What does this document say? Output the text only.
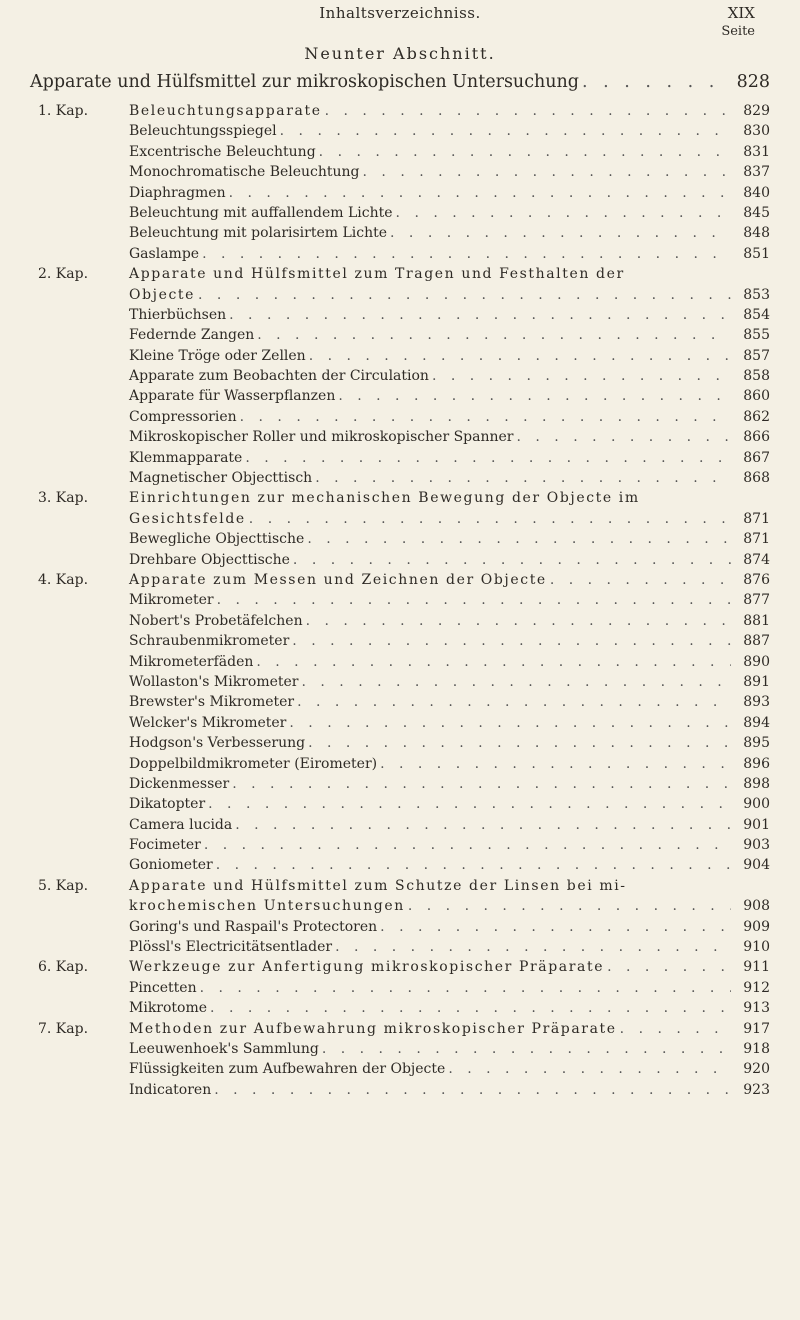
Inhaltsverzeichniss.	XIX
Seite
Neunter Abschnitt.
Apparate und Hülfsmittel zur mikroskopischen Untersuchung . . .	828
1. Kap.	Beleuchtungsapparate . . .	829
Beleuchtungsspiegel . . .	830
Excentrische Beleuchtung . . .	831
Monochromatische Beleuchtung . . .	837
Diaphragmen . . .	840
Beleuchtung mit auffallendem Lichte . . .	845
Beleuchtung mit polarisirtem Lichte . . .	848
Gaslampe . . .	851
2. Kap.	Apparate und Hülfsmittel zum Tragen und Festhalten der
Objecte . . .	853
Thierbüchsen . . .	854
Federnde Zangen . . .	855
Kleine Tröge oder Zellen . . .	857
Apparate zum Beobachten der Circulation . . .	858
Apparate für Wasserpflanzen . . .	860
Compressorien . . .	862
Mikroskopischer Roller und mikroskopischer Spanner . . .	866
Klemmapparate . . .	867
Magnetischer Objecttisch . . .	868
3. Kap.	Einrichtungen zur mechanischen Bewegung der Objecte im
Gesichtsfelde . . .	871
Bewegliche Objecttische . . .	871
Drehbare Objecttische . . .	874
4. Kap.	Apparate zum Messen und Zeichnen der Objecte . . .	876
Mikrometer . . .	877
Nobert's Probetäfelchen . . .	881
Schraubenmikrometer . . .	887
Mikrometerfäden . . .	890
Wollaston's Mikrometer . . .	891
Brewster's Mikrometer . . .	893
Welcker's Mikrometer . . .	894
Hodgson's Verbesserung . . .	895
Doppelbildmikrometer (Eirometer) . . .	896
Dickenmesser . . .	898
Dikatopter . . .	900
Camera lucida . . .	901
Focimeter . . .	903
Goniometer . . .	904
5. Kap.	Apparate und Hülfsmittel zum Schutze der Linsen bei mi-
krochemischen Untersuchungen . . .	908
Goring's und Raspail's Protectoren . . .	909
Plössl's Electricitätsentlader . . .	910
6. Kap.	Werkzeuge zur Anfertigung mikroskopischer Präparate . . .	911
Pincetten . . .	912
Mikrotome . . .	913
7. Kap.	Methoden zur Aufbewahrung mikroskopischer Präparate . . .	917
Leeuwenhoek's Sammlung . . .	918
Flüssigkeiten zum Aufbewahren der Objecte . . .	920
Indicatoren . . .	923
